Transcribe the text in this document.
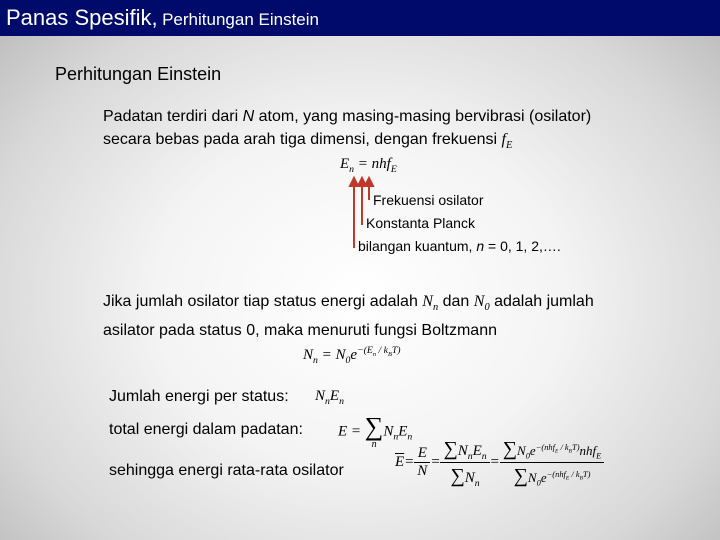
Panas Spesifik, Perhitungan Einstein
Perhitungan Einstein
Padatan terdiri dari N atom, yang masing-masing bervibrasi (osilator)
secara bebas pada arah tiga dimensi, dengan frekuensi $f_E$
$E_n = nhf_E$
Frekuensi osilator
Konstanta Planck
bilangan kuantum, n = 0, 1, 2,….
Jika jumlah osilator tiap status energi adalah $N_n$ dan $N_0$ adalah jumlah
asilator pada status 0, maka menuruti fungsi Boltzmann
$N_n = N_0e^{-(E_n / k_BT)}$
Jumlah energi per status: $N_nE_n$
total energi dalam padatan: E = ∑
n
$N_nE_n$
sehingga energi rata-rata osilator	$\overline{E} = \frac{E}{N} = \frac{\sum N_nE_n}{\sum N_n} = \frac{\sum N_0e^{-(nhf_E / k_BT)}nhf_E}{\sum N_0e^{-(nhf_E / k_BT)}}$
